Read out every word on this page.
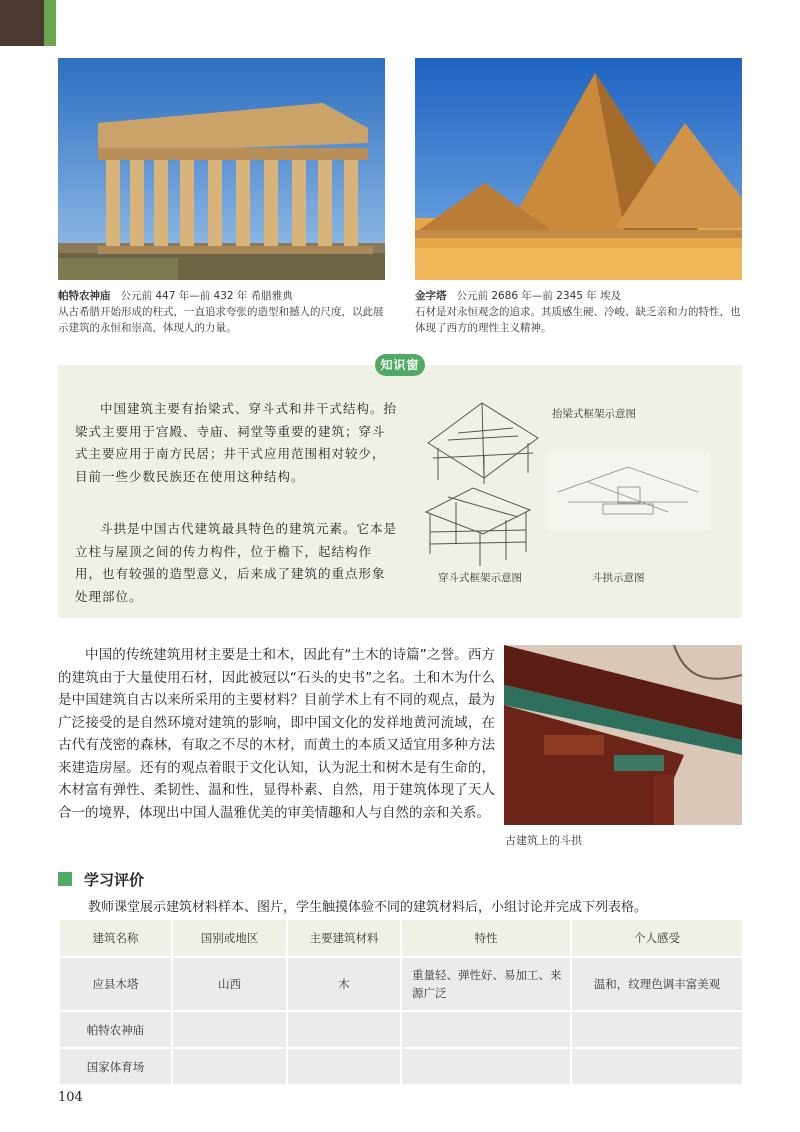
帕特农神庙 公元前 447 年—前 432 年 希腊雅典
从古希腊开始形成的柱式，一直追求夸张的造型和撼人的尺度，以此展示建筑的永恒和崇高，体现人的力量。
金字塔 公元前 2686 年—前 2345 年 埃及
石材是对永恒观念的追求。其质感生硬、冷峻、缺乏亲和力的特性，也体现了西方的理性主义精神。
知识窗
中国建筑主要有抬梁式、穿斗式和井干式结构。抬梁式主要用于宫殿、寺庙、祠堂等重要的建筑；穿斗式主要应用于南方民居；井干式应用范围相对较少，目前一些少数民族还在使用这种结构。
斗拱是中国古代建筑最具特色的建筑元素。它本是立柱与屋顶之间的传力构件，位于檐下，起结构作用，也有较强的造型意义，后来成了建筑的重点形象处理部位。
抬梁式框架示意图
穿斗式框架示意图	斗拱示意图
中国的传统建筑用材主要是土和木，因此有“土木的诗篇”之誉。西方的建筑由于大量使用石材，因此被冠以“石头的史书”之名。土和木为什么是中国建筑自古以来所采用的主要材料？目前学术上有不同的观点，最为广泛接受的是自然环境对建筑的影响，即中国文化的发祥地黄河流域，在古代有茂密的森林，有取之不尽的木材，而黄土的本质又适宜用多种方法来建造房屋。还有的观点着眼于文化认知，认为泥土和树木是有生命的，木材富有弹性、柔韧性、温和性，显得朴素、自然，用于建筑体现了天人合一的境界，体现出中国人温雅优美的审美情趣和人与自然的亲和关系。
古建筑上的斗拱
学习评价
教师课堂展示建筑材料样本、图片，学生触摸体验不同的建筑材料后，小组讨论并完成下列表格。
建筑名称	国别或地区	主要建筑材料	特性	个人感受
应县木塔	山西	木	重量轻、弹性好、易加工、来源广泛	温和，纹理色调丰富美观
帕特农神庙				
国家体育场				
104
